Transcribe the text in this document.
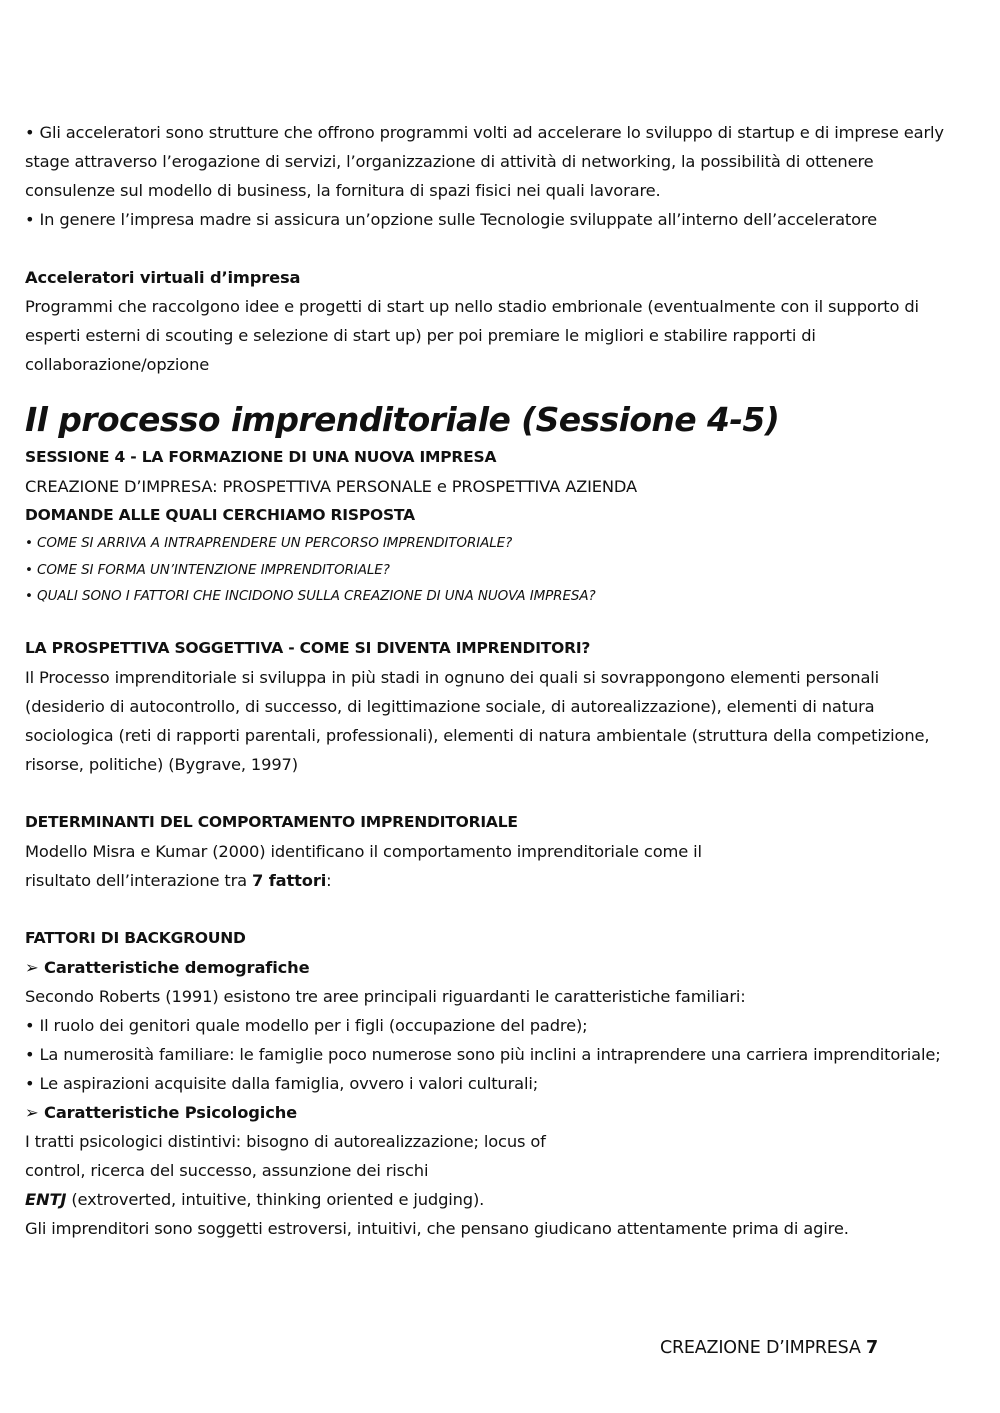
• Gli acceleratori sono strutture che offrono programmi volti ad accelerare lo sviluppo di startup e di imprese early stage attraverso l’erogazione di servizi, l’organizzazione di attività di networking, la possibilità di ottenere consulenze sul modello di business, la fornitura di spazi fisici nei quali lavorare.
• In genere l’impresa madre si assicura un’opzione sulle Tecnologie sviluppate all’interno dell’acceleratore
Acceleratori virtuali d’impresa
Programmi che raccolgono idee e progetti di start up nello stadio embrionale (eventualmente con il supporto di esperti esterni di scouting e selezione di start up) per poi premiare le migliori e stabilire rapporti di collaborazione/opzione
Il processo imprenditoriale (Sessione 4-5)
SESSIONE 4 - LA FORMAZIONE DI UNA NUOVA IMPRESA
CREAZIONE D’IMPRESA: PROSPETTIVA PERSONALE e PROSPETTIVA AZIENDA
DOMANDE ALLE QUALI CERCHIAMO RISPOSTA
• COME SI ARRIVA A INTRAPRENDERE UN PERCORSO IMPRENDITORIALE?
• COME SI FORMA UN’INTENZIONE IMPRENDITORIALE?
• QUALI SONO I FATTORI CHE INCIDONO SULLA CREAZIONE DI UNA NUOVA IMPRESA?
LA PROSPETTIVA SOGGETTIVA - COME SI DIVENTA IMPRENDITORI?
Il Processo imprenditoriale si sviluppa in più stadi in ognuno dei quali si sovrappongono elementi personali (desiderio di autocontrollo, di successo, di legittimazione sociale, di autorealizzazione), elementi di natura sociologica (reti di rapporti parentali, professionali), elementi di natura ambientale (struttura della competizione, risorse, politiche) (Bygrave, 1997)
DETERMINANTI DEL COMPORTAMENTO IMPRENDITORIALE
Modello Misra e Kumar (2000) identificano il comportamento imprenditoriale come il
risultato dell’interazione tra 7 fattori:
FATTORI DI BACKGROUND
➢ Caratteristiche demografiche
Secondo Roberts (1991) esistono tre aree principali riguardanti le caratteristiche familiari:
• Il ruolo dei genitori quale modello per i figli (occupazione del padre);
• La numerosità familiare: le famiglie poco numerose sono più inclini a intraprendere una carriera imprenditoriale;
• Le aspirazioni acquisite dalla famiglia, ovvero i valori culturali;
➢ Caratteristiche Psicologiche
I tratti psicologici distintivi: bisogno di autorealizzazione; locus of
control, ricerca del successo, assunzione dei rischi
ENTJ (extroverted, intuitive, thinking oriented e judging).
Gli imprenditori sono soggetti estroversi, intuitivi, che pensano giudicano attentamente prima di agire.
CREAZIONE D’IMPRESA 7
